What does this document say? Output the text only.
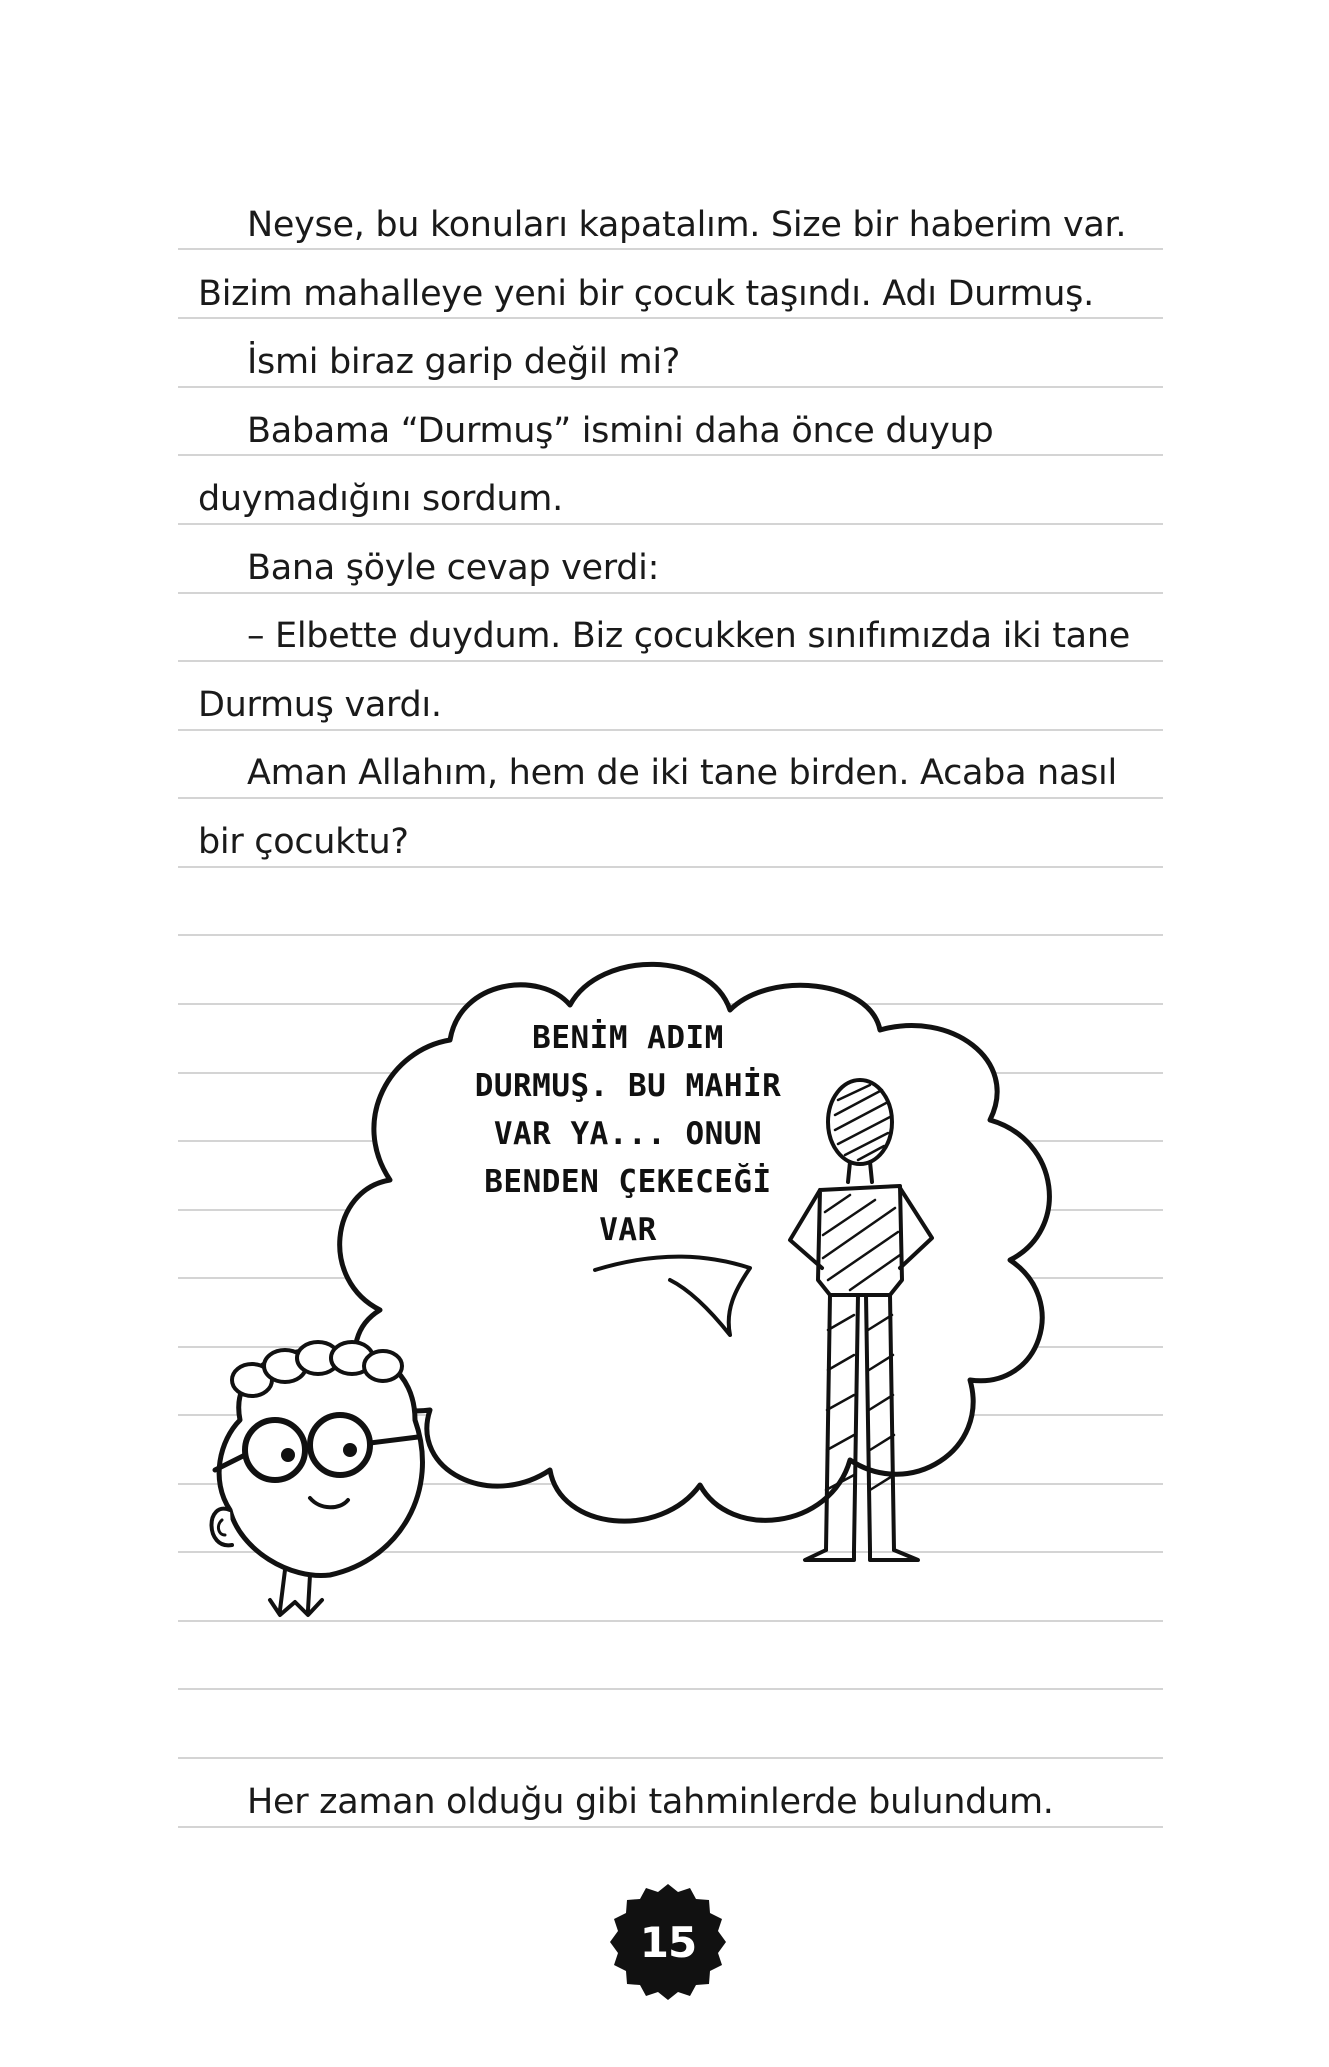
Neyse, bu konuları kapatalım. Size bir haberim var.
Bizim mahalleye yeni bir çocuk taşındı. Adı Durmuş.
İsmi biraz garip değil mi?
Babama “Durmuş” ismini daha önce duyup
duymadığını sordum.
Bana şöyle cevap verdi:
– Elbette duydum. Biz çocukken sınıfımızda iki tane
Durmuş vardı.
Aman Allahım, hem de iki tane birden. Acaba nasıl
bir çocuktu?
BENİM ADIM
DURMUŞ. BU MAHİR
VAR YA... ONUN
BENDEN ÇEKECEĞİ
VAR
Her zaman olduğu gibi tahminlerde bulundum.
15
